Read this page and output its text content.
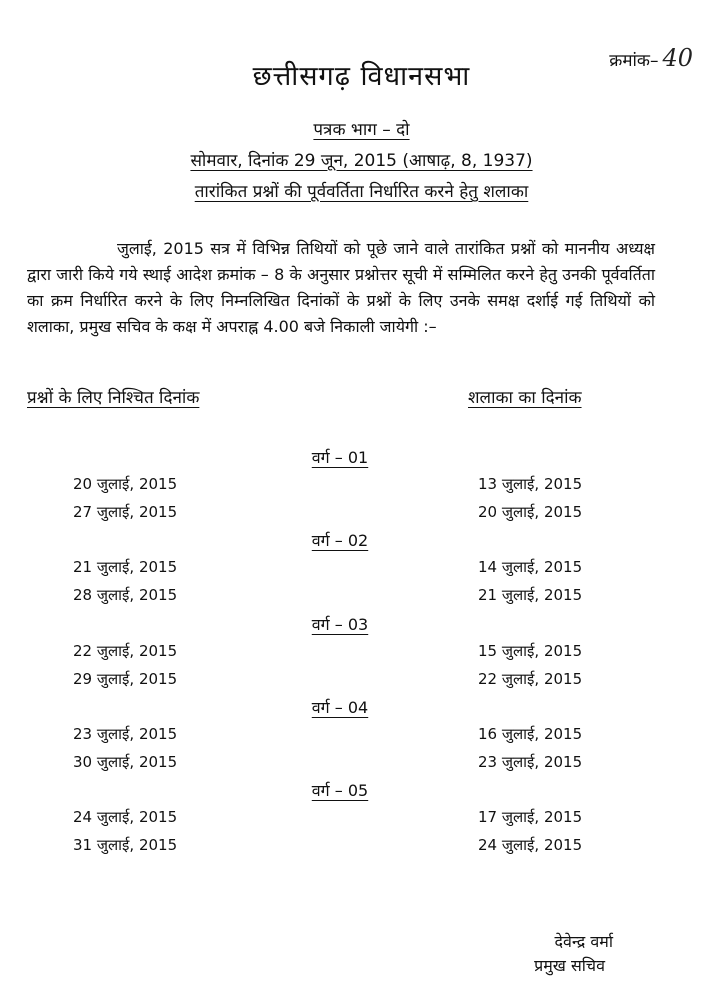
क्रमांक– 40
छत्तीसगढ़ विधानसभा
पत्रक भाग – दो
सोमवार, दिनांक 29 जून, 2015 (आषाढ़, 8, 1937)
तारांकित प्रश्नों की पूर्ववर्तिता निर्धारित करने हेतु शलाका
जुलाई, 2015 सत्र में विभिन्न तिथियों को पूछे जाने वाले तारांकित प्रश्नों को माननीय अध्यक्ष द्वारा जारी किये गये स्थाई आदेश क्रमांक – 8 के अनुसार प्रश्नोत्तर सूची में सम्मिलित करने हेतु उनकी पूर्ववर्तिता का क्रम निर्धारित करने के लिए निम्नलिखित दिनांकों के प्रश्नों के लिए उनके समक्ष दर्शाई गई तिथियों को शलाका, प्रमुख सचिव के कक्ष में अपराह्न 4.00 बजे निकाली जायेगी :–
प्रश्नों के लिए निश्चित दिनांक	शलाका का दिनांक
वर्ग – 01
20 जुलाई, 2015	13 जुलाई, 2015
27 जुलाई, 2015	20 जुलाई, 2015
वर्ग – 02
21 जुलाई, 2015	14 जुलाई, 2015
28 जुलाई, 2015	21 जुलाई, 2015
वर्ग – 03
22 जुलाई, 2015	15 जुलाई, 2015
29 जुलाई, 2015	22 जुलाई, 2015
वर्ग – 04
23 जुलाई, 2015	16 जुलाई, 2015
30 जुलाई, 2015	23 जुलाई, 2015
वर्ग – 05
24 जुलाई, 2015	17 जुलाई, 2015
31 जुलाई, 2015	24 जुलाई, 2015
देवेन्द्र वर्मा
प्रमुख सचिव
